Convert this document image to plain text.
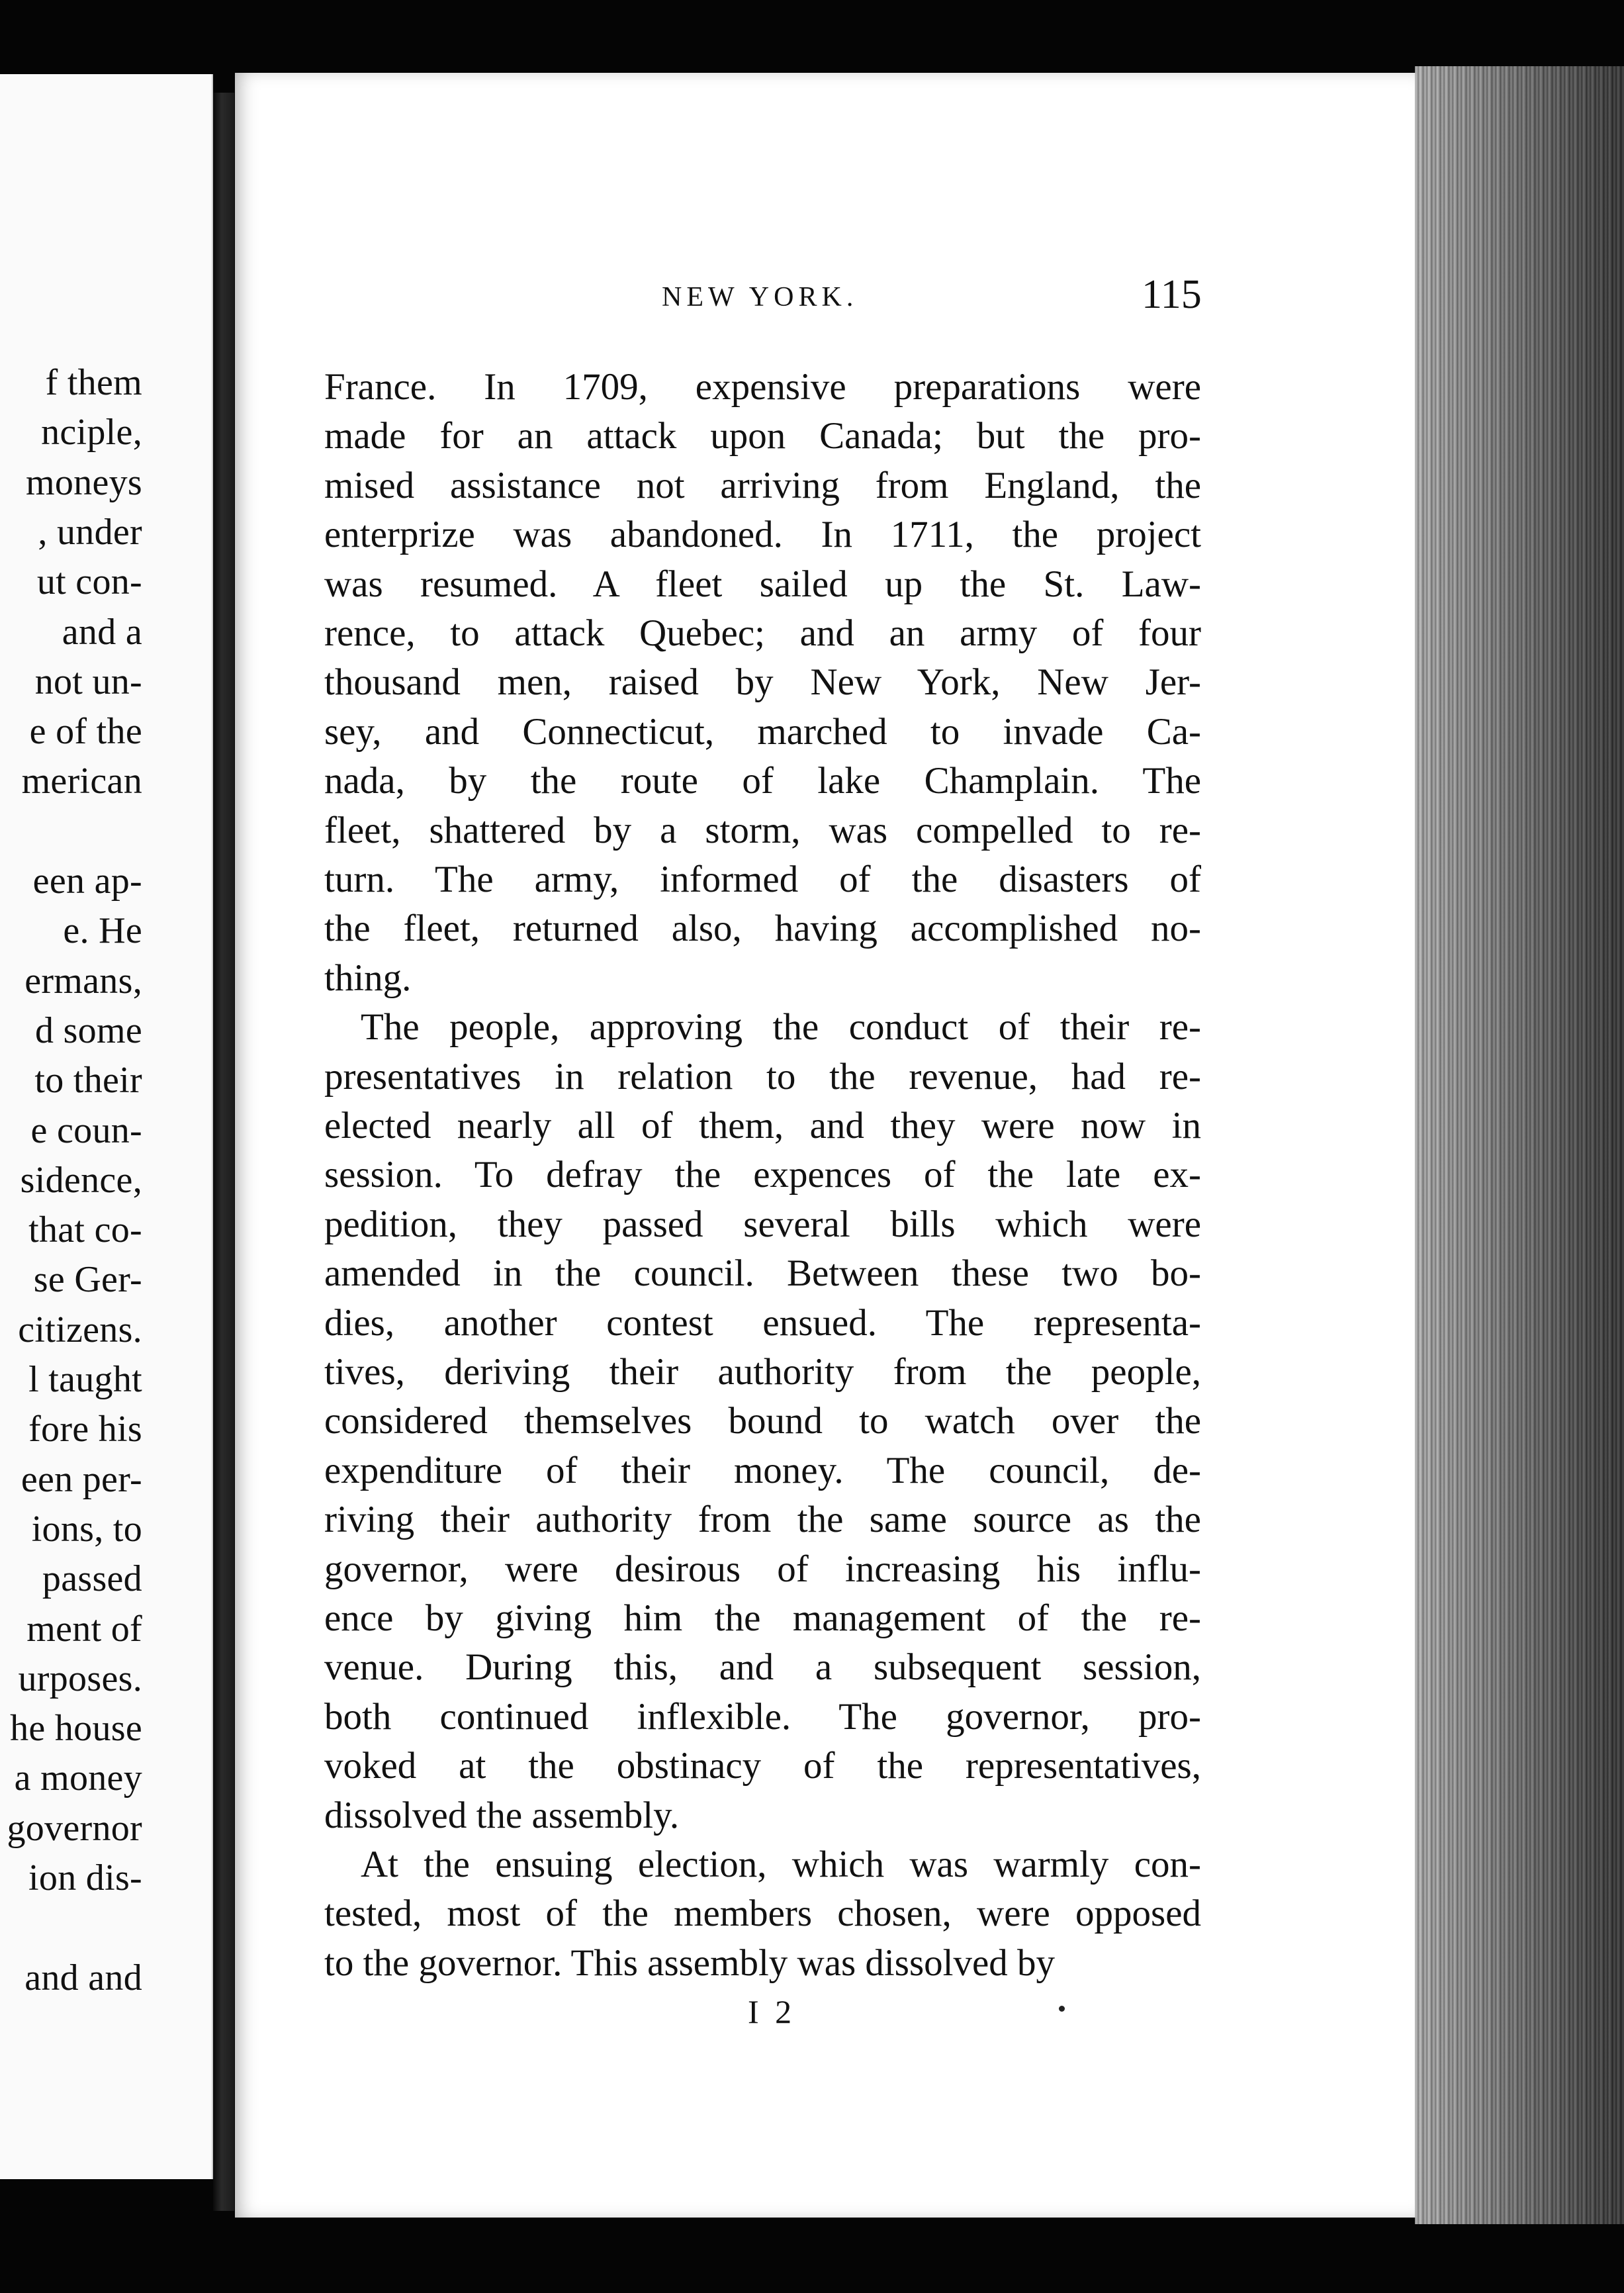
f them
nciple,
moneys
, under
ut con-
and a
not un-
e of the
merican
een ap-
e. He
ermans,
d some
to their
e coun-
sidence,
that co-
se Ger-
citizens.
l taught
fore his
een per-
ions, to
passed
ment of
urposes.
he house
a money
governor
ion dis-
and and
NEW YORK.	115
France. In 1709, expensive preparations were
made for an attack upon Canada; but the pro-
mised assistance not arriving from England, the
enterprize was abandoned. In 1711, the project
was resumed. A fleet sailed up the St. Law-
rence, to attack Quebec; and an army of four
thousand men, raised by New York, New Jer-
sey, and Connecticut, marched to invade Ca-
nada, by the route of lake Champlain. The
fleet, shattered by a storm, was compelled to re-
turn. The army, informed of the disasters of
the fleet, returned also, having accomplished no-
thing.
The people, approving the conduct of their re-
presentatives in relation to the revenue, had re-
elected nearly all of them, and they were now in
session. To defray the expences of the late ex-
pedition, they passed several bills which were
amended in the council. Between these two bo-
dies, another contest ensued. The representa-
tives, deriving their authority from the people,
considered themselves bound to watch over the
expenditure of their money. The council, de-
riving their authority from the same source as the
governor, were desirous of increasing his influ-
ence by giving him the management of the re-
venue. During this, and a subsequent session,
both continued inflexible. The governor, pro-
voked at the obstinacy of the representatives,
dissolved the assembly.
At the ensuing election, which was warmly con-
tested, most of the members chosen, were opposed
to the governor. This assembly was dissolved by
I 2
